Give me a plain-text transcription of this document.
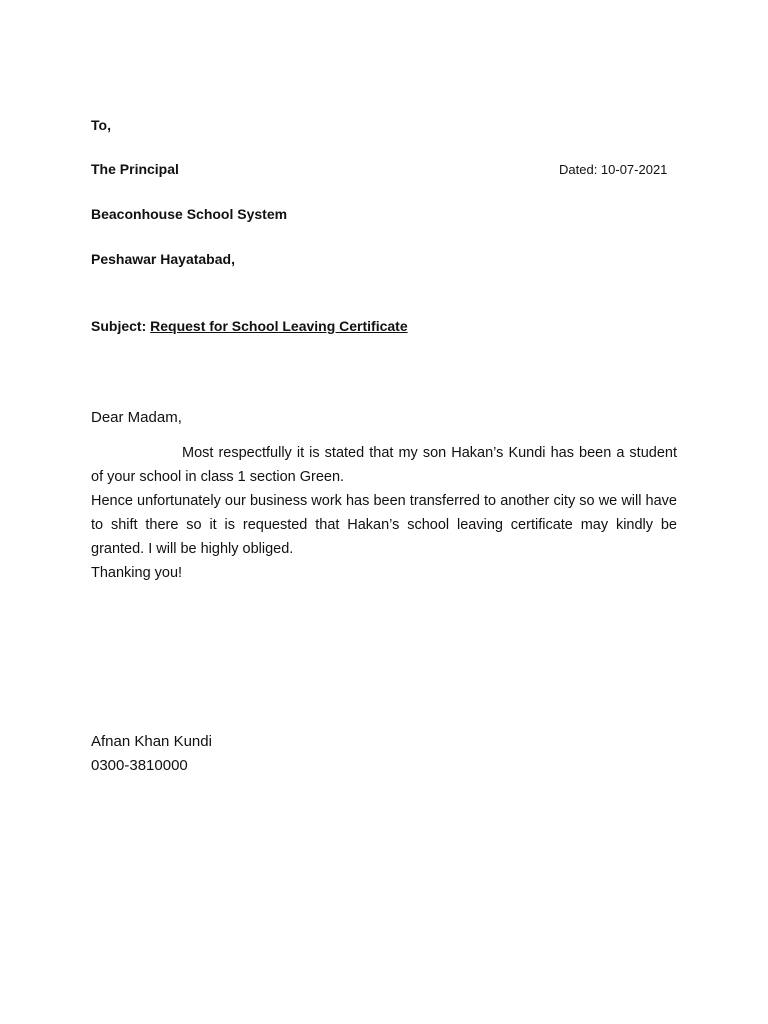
To,
The Principal	Dated: 10-07-2021
Beaconhouse School System
Peshawar Hayatabad,
Subject: Request for School Leaving Certificate
Dear Madam,

Most respectfully it is stated that my son Hakan’s Kundi has been a student of your school in class 1 section Green.

Hence unfortunately our business work has been transferred to another city so we will have to shift there so it is requested that Hakan’s school leaving certificate may kindly be granted. I will be highly obliged.

Thanking you!

Afnan Khan Kundi
0300-3810000
